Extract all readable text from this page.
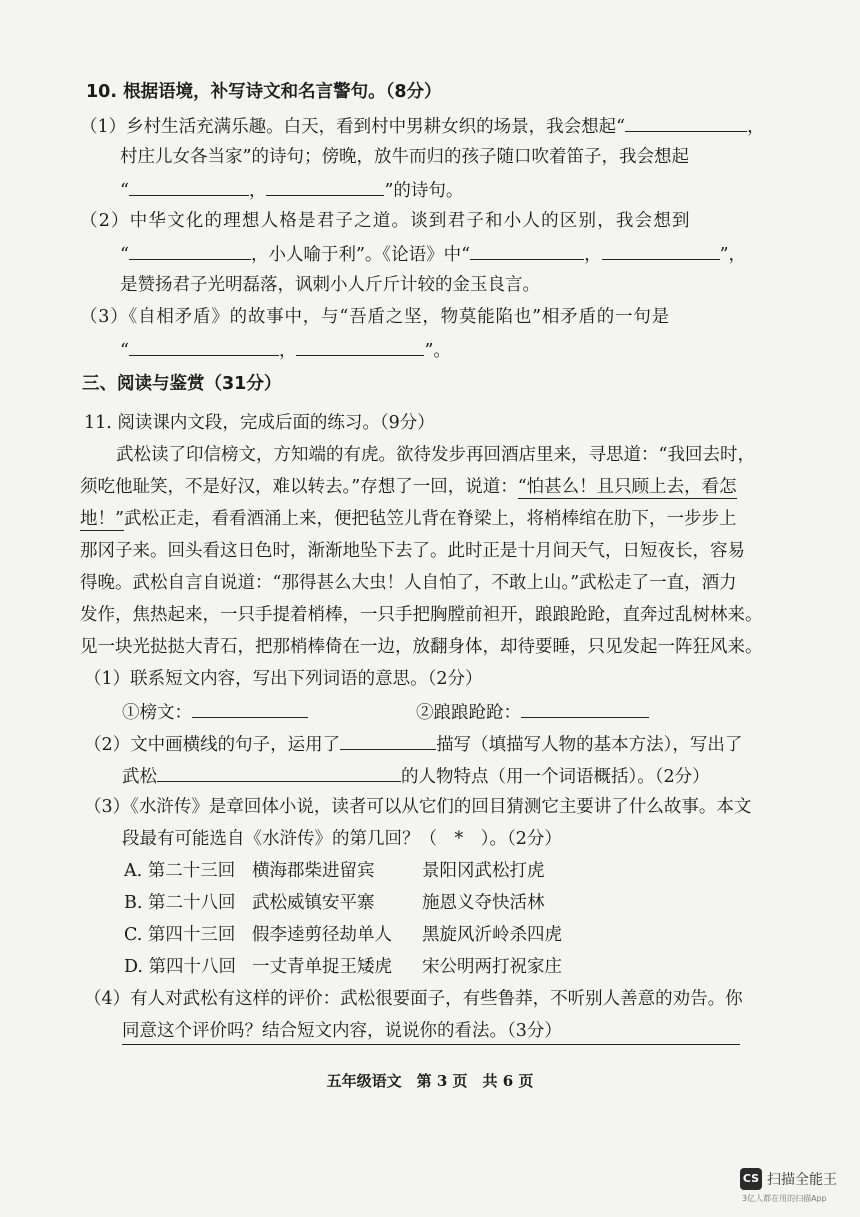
10. 根据语境，补写诗文和名言警句。（8分）
（1）乡村生活充满乐趣。白天，看到村中男耕女织的场景，我会想起“	，
村庄儿女各当家”的诗句；傍晚，放牛而归的孩子随口吹着笛子，我会想起
“	，	”的诗句。
（2）中华文化的理想人格是君子之道。谈到君子和小人的区别，我会想到
“	，小人喻于利”。《论语》中“	，	”，
是赞扬君子光明磊落，讽刺小人斤斤计较的金玉良言。
（3）《自相矛盾》的故事中，与“吾盾之坚，物莫能陷也”相矛盾的一句是
“	，	”。
三、阅读与鉴赏（31分）
11. 阅读课内文段，完成后面的练习。（9分）
武松读了印信榜文，方知端的有虎。欲待发步再回酒店里来，寻思道：“我回去时，
须吃他耻笑，不是好汉，难以转去。”存想了一回，说道：“怕甚么！且只顾上去，看怎
地！”武松正走，看看酒涌上来，便把毡笠儿背在脊梁上，将梢棒绾在肋下，一步步上
那冈子来。回头看这日色时，渐渐地坠下去了。此时正是十月间天气，日短夜长，容易
得晚。武松自言自说道：“那得甚么大虫！人自怕了，不敢上山。”武松走了一直，酒力
发作，焦热起来，一只手提着梢棒，一只手把胸膛前袒开，踉踉跄跄，直奔过乱树林来。
见一块光挞挞大青石，把那梢棒倚在一边，放翻身体，却待要睡，只见发起一阵狂风来。
（1）联系短文内容，写出下列词语的意思。（2分）
①榜文：	②踉踉跄跄：
（2）文中画横线的句子，运用了	描写（填描写人物的基本方法），写出了
武松	的人物特点（用一个词语概括）。（2分）
（3）《水浒传》是章回体小说，读者可以从它们的回目猜测它主要讲了什么故事。本文
段最有可能选自《水浒传》的第几回？（　*　）。（2分）
A. 第二十三回 横海郡柴进留宾	景阳冈武松打虎
B. 第二十八回 武松威镇安平寨	施恩义夺快活林
C. 第四十三回 假李逵剪径劫单人 黑旋风沂岭杀四虎
D. 第四十八回 一丈青单捉王矮虎 宋公明两打祝家庄
（4）有人对武松有这样的评价：武松很要面子，有些鲁莽，不听别人善意的劝告。你
同意这个评价吗？结合短文内容，说说你的看法。（3分）
五年级语文　第 3 页　共 6 页
CS 扫描全能王
3亿人都在用的扫描App
